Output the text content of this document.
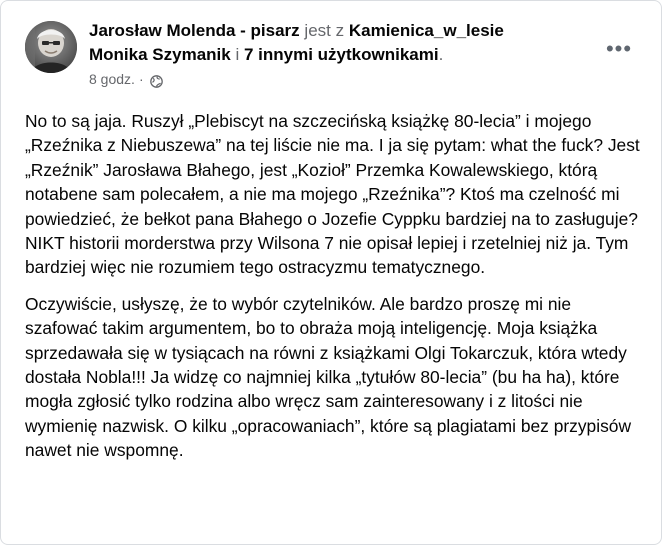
Jarosław Molenda - pisarz jest z Kamienica_w_lesie
Monika Szymanik i 7 innymi użytkownikami.
8 godz. ·
•••

No to są jaja. Ruszył „Plebiscyt na szczecińską książkę 80-lecia” i mojego „Rzeźnika z Niebuszewa” na tej liście nie ma. I ja się pytam: what the fuck? Jest „Rzeźnik” Jarosława Błahego, jest „Kozioł” Przemka Kowalewskiego, którą notabene sam polecałem, a nie ma mojego „Rzeźnika”? Ktoś ma czelność mi powiedzieć, że bełkot pana Błahego o Jozefie Cyppku bardziej na to zasługuje? NIKT historii morderstwa przy Wilsona 7 nie opisał lepiej i rzetelniej niż ja. Tym bardziej więc nie rozumiem tego ostracyzmu tematycznego.

Oczywiście, usłyszę, że to wybór czytelników. Ale bardzo proszę mi nie szafować takim argumentem, bo to obraża moją inteligencję. Moja książka sprzedawała się w tysiącach na równi z książkami Olgi Tokarczuk, która wtedy dostała Nobla!!! Ja widzę co najmniej kilka „tytułów 80-lecia” (bu ha ha), które mogła zgłosić tylko rodzina albo wręcz sam zainteresowany i z litości nie wymienię nazwisk. O kilku „opracowaniach”, które są plagiatami bez przypisów nawet nie wspomnę.
